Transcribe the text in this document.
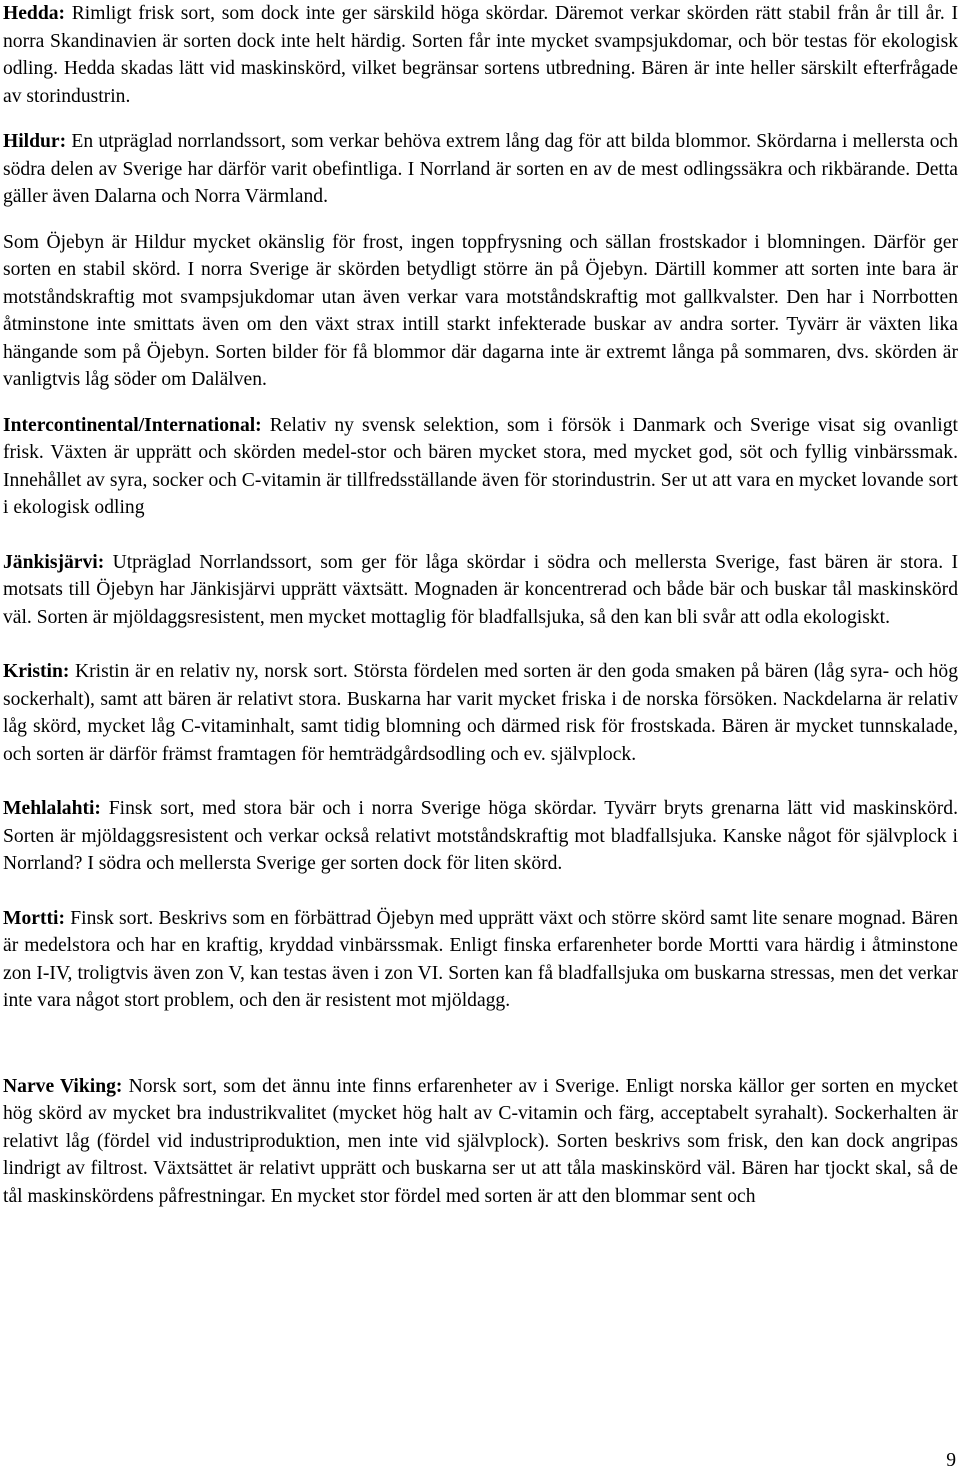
Hedda: Rimligt frisk sort, som dock inte ger särskild höga skördar. Däremot verkar skörden rätt stabil från år till år. I norra Skandinavien är sorten dock inte helt härdig. Sorten får inte mycket svampsjukdomar, och bör testas för ekologisk odling. Hedda skadas lätt vid maskinskörd, vilket begränsar sortens utbredning. Bären är inte heller särskilt efterfrågade av storindustrin.

Hildur: En utpräglad norrlandssort, som verkar behöva extrem lång dag för att bilda blommor. Skördarna i mellersta och södra delen av Sverige har därför varit obefintliga. I Norrland är sorten en av de mest odlingssäkra och rikbärande. Detta gäller även Dalarna och Norra Värmland.

Som Öjebyn är Hildur mycket okänslig för frost, ingen toppfrysning och sällan frostskador i blomningen. Därför ger sorten en stabil skörd. I norra Sverige är skörden betydligt större än på Öjebyn. Därtill kommer att sorten inte bara är motståndskraftig mot svampsjukdomar utan även verkar vara motståndskraftig mot gallkvalster. Den har i Norrbotten åtminstone inte smittats även om den växt strax intill starkt infekterade buskar av andra sorter. Tyvärr är växten lika hängande som på Öjebyn. Sorten bilder för få blommor där dagarna inte är extremt långa på sommaren, dvs. skörden är vanligtvis låg söder om Dalälven.

Intercontinental/International: Relativ ny svensk selektion, som i försök i Danmark och Sverige visat sig ovanligt frisk. Växten är upprätt och skörden medel-stor och bären mycket stora, med mycket god, söt och fyllig vinbärssmak. Innehållet av syra, socker och C-vitamin är tillfredsställande även för storindustrin. Ser ut att vara en mycket lovande sort i ekologisk odling

Jänkisjärvi: Utpräglad Norrlandssort, som ger för låga skördar i södra och mellersta Sverige, fast bären är stora. I motsats till Öjebyn har Jänkisjärvi upprätt växtsätt. Mognaden är koncentrerad och både bär och buskar tål maskinskörd väl. Sorten är mjöldaggsresistent, men mycket mottaglig för bladfallsjuka, så den kan bli svår att odla ekologiskt.

Kristin: Kristin är en relativ ny, norsk sort. Största fördelen med sorten är den goda smaken på bären (låg syra- och hög sockerhalt), samt att bären är relativt stora. Buskarna har varit mycket friska i de norska försöken. Nackdelarna är relativ låg skörd, mycket låg C-vitaminhalt, samt tidig blomning och därmed risk för frostskada. Bären är mycket tunnskalade, och sorten är därför främst framtagen för hemträdgårdsodling och ev. självplock.

Mehlalahti: Finsk sort, med stora bär och i norra Sverige höga skördar. Tyvärr bryts grenarna lätt vid maskinskörd. Sorten är mjöldaggsresistent och verkar också relativt motståndskraftig mot bladfallsjuka. Kanske något för självplock i Norrland? I södra och mellersta Sverige ger sorten dock för liten skörd.

Mortti: Finsk sort. Beskrivs som en förbättrad Öjebyn med upprätt växt och större skörd samt lite senare mognad. Bären är medelstora och har en kraftig, kryddad vinbärssmak. Enligt finska erfarenheter borde Mortti vara härdig i åtminstone zon I-IV, troligtvis även zon V, kan testas även i zon VI. Sorten kan få bladfallsjuka om buskarna stressas, men det verkar inte vara något stort problem, och den är resistent mot mjöldagg.

Narve Viking: Norsk sort, som det ännu inte finns erfarenheter av i Sverige. Enligt norska källor ger sorten en mycket hög skörd av mycket bra industrikvalitet (mycket hög halt av C-vitamin och färg, acceptabelt syrahalt). Sockerhalten är relativt låg (fördel vid industriproduktion, men inte vid självplock). Sorten beskrivs som frisk, den kan dock angripas lindrigt av filtrost. Växtsättet är relativt upprätt och buskarna ser ut att tåla maskinskörd väl. Bären har tjockt skal, så de tål maskinskördens påfrestningar. En mycket stor fördel med sorten är att den blommar sent och

9
